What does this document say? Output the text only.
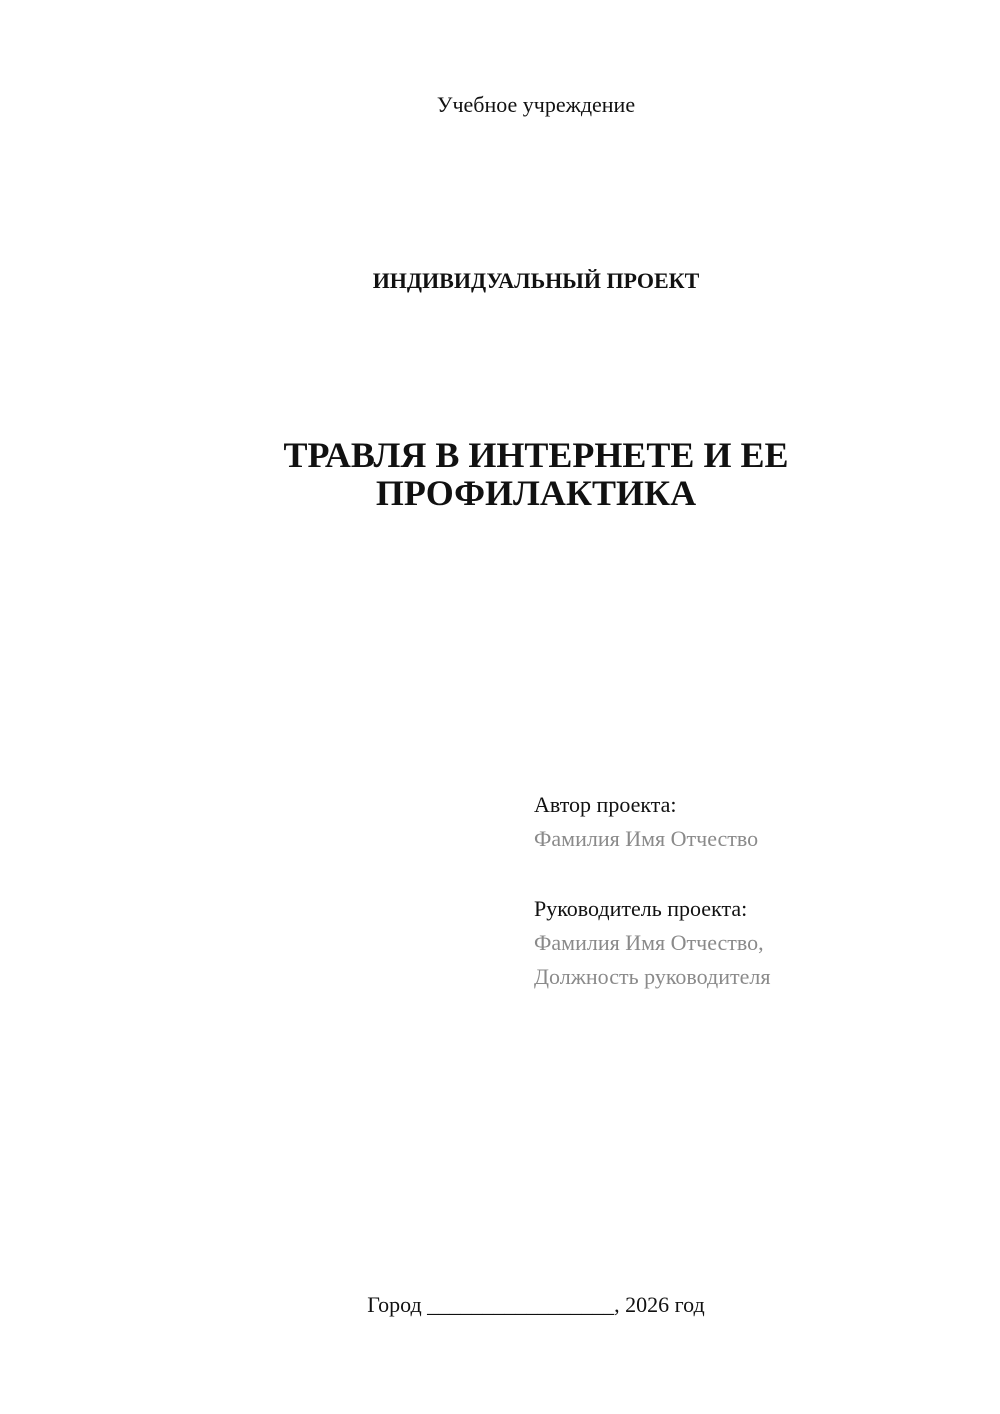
Учебное учреждение
ИНДИВИДУАЛЬНЫЙ ПРОЕКТ
ТРАВЛЯ В ИНТЕРНЕТЕ И ЕЕ
ПРОФИЛАКТИКА
Автор проекта:
Фамилия Имя Отчество
Руководитель проекта:
Фамилия Имя Отчество,
Должность руководителя
Город _________________, 2026 год
